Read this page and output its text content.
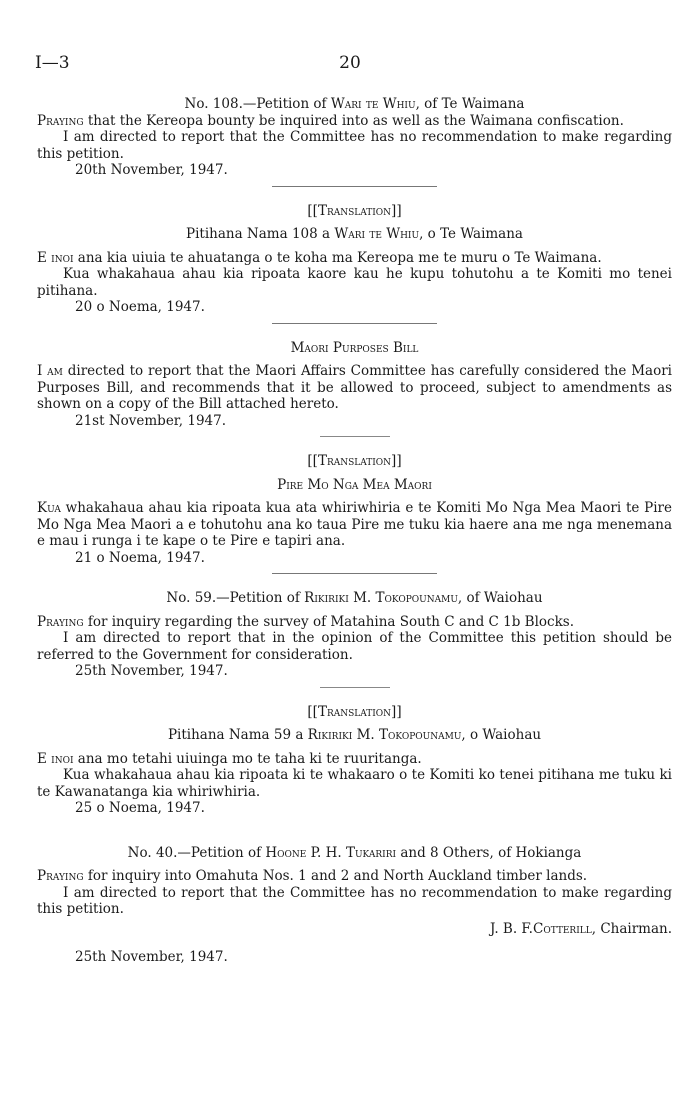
I—3	20
No. 108.—Petition of Wari te Whiu, of Te Waimana

Praying that the Kereopa bounty be inquired into as well as the Waimana confiscation.

I am directed to report that the Committee has no recommendation to make regarding this petition.

20th November, 1947.
[[Translation]]
Pitihana Nama 108 a Wari te Whiu, o Te Waimana

E inoi ana kia uiuia te ahuatanga o te koha ma Kereopa me te muru o Te Waimana.

Kua whakahaua ahau kia ripoata kaore kau he kupu tohutohu a te Komiti mo tenei pitihana.

20 o Noema, 1947.
Maori Purposes Bill

I am directed to report that the Maori Affairs Committee has carefully considered the Maori Purposes Bill, and recommends that it be allowed to proceed, subject to amendments as shown on a copy of the Bill attached hereto.

21st November, 1947.
[[Translation]]
Pire Mo Nga Mea Maori

Kua whakahaua ahau kia ripoata kua ata whiriwhiria e te Komiti Mo Nga Mea Maori te Pire Mo Nga Mea Maori a e tohutohu ana ko taua Pire me tuku kia haere ana me nga menemana e mau i runga i te kape o te Pire e tapiri ana.

21 o Noema, 1947.
No. 59.—Petition of Rikiriki M. Tokopounamu, of Waiohau

Praying for inquiry regarding the survey of Matahina South C and C 1b Blocks.

I am directed to report that in the opinion of the Committee this petition should be referred to the Government for consideration.

25th November, 1947.
[[Translation]]
Pitihana Nama 59 a Rikiriki M. Tokopounamu, o Waiohau

E inoi ana mo tetahi uiuinga mo te taha ki te ruuritanga.

Kua whakahaua ahau kia ripoata ki te whakaaro o te Komiti ko tenei pitihana me tuku ki te Kawanatanga kia whiriwhiria.

25 o Noema, 1947.
No. 40.—Petition of Hoone P. H. Tukariri and 8 Others, of Hokianga

Praying for inquiry into Omahuta Nos. 1 and 2 and North Auckland timber lands.

I am directed to report that the Committee has no recommendation to make regarding this petition.

J. B. F. Cotterill , Chairman.
25th November, 1947.
